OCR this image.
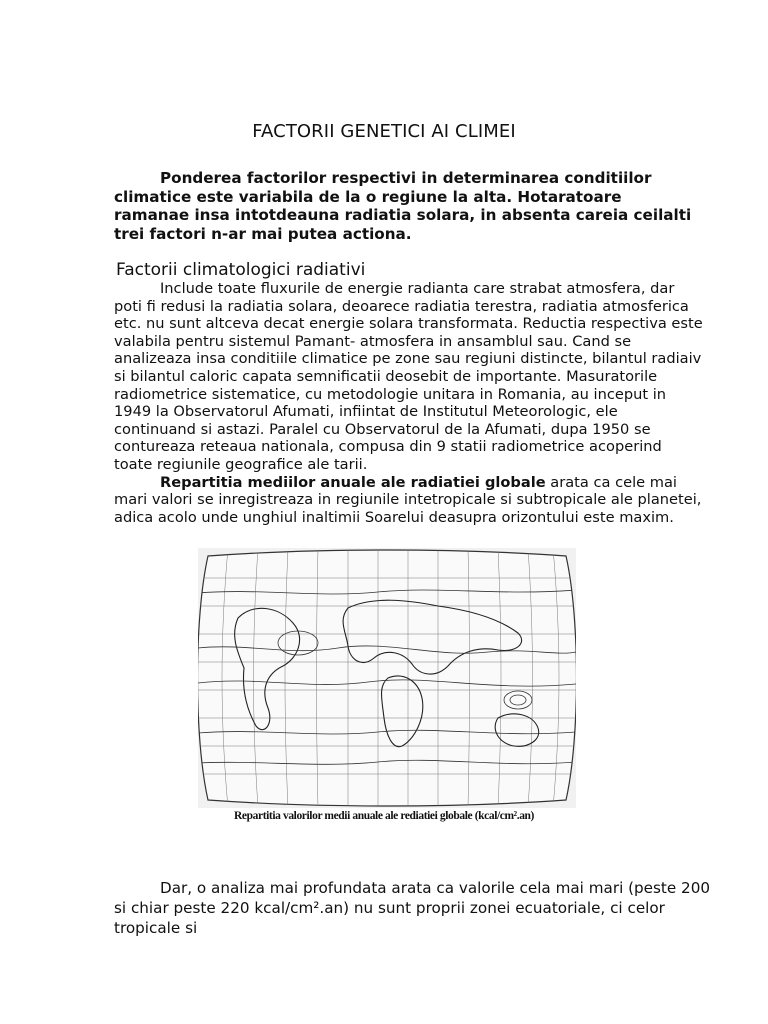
FACTORII GENETICI AI CLIMEI

Ponderea factorilor respectivi in determinarea conditiilor climatice este variabila de la o regiune la alta. Hotaratoare ramanae insa intotdeauna radiatia solara, in absenta careia ceilalti trei factori n-ar mai putea actiona.

Factorii climatologici radiativi
Include toate fluxurile de energie radianta care strabat atmosfera, dar poti fi redusi la radiatia solara, deoarece radiatia terestra, radiatia atmosferica etc. nu sunt altceva decat energie solara transformata. Reductia respectiva este valabila pentru sistemul Pamant- atmosfera in ansamblul sau. Cand se analizeaza insa conditiile climatice pe zone sau regiuni distincte, bilantul radiaiv si bilantul caloric capata semnificatii deosebit de importante. Masuratorile radiometrice sistematice, cu metodologie unitara in Romania, au inceput in 1949 la Observatorul Afumati, infiintat de Institutul Meteorologic, ele continuand si astazi. Paralel cu Observatorul de la Afumati, dupa 1950 se contureaza reteaua nationala, compusa din 9 statii radiometrice acoperind toate regiunile geografice ale tarii.
Repartitia mediilor anuale ale radiatiei globale arata ca cele mai mari valori se inregistreaza in regiunile intetropicale si subtropicale ale planetei, adica acolo unde unghiul inaltimii Soarelui deasupra orizontului este maxim.

Repartitia valorilor medii anuale ale rediatiei globale (kcal/cm².an)

Dar, o analiza mai profundata arata ca valorile cela mai mari (peste 200 si chiar peste 220 kcal/cm².an) nu sunt proprii zonei ecuatoriale, ci celor tropicale si
